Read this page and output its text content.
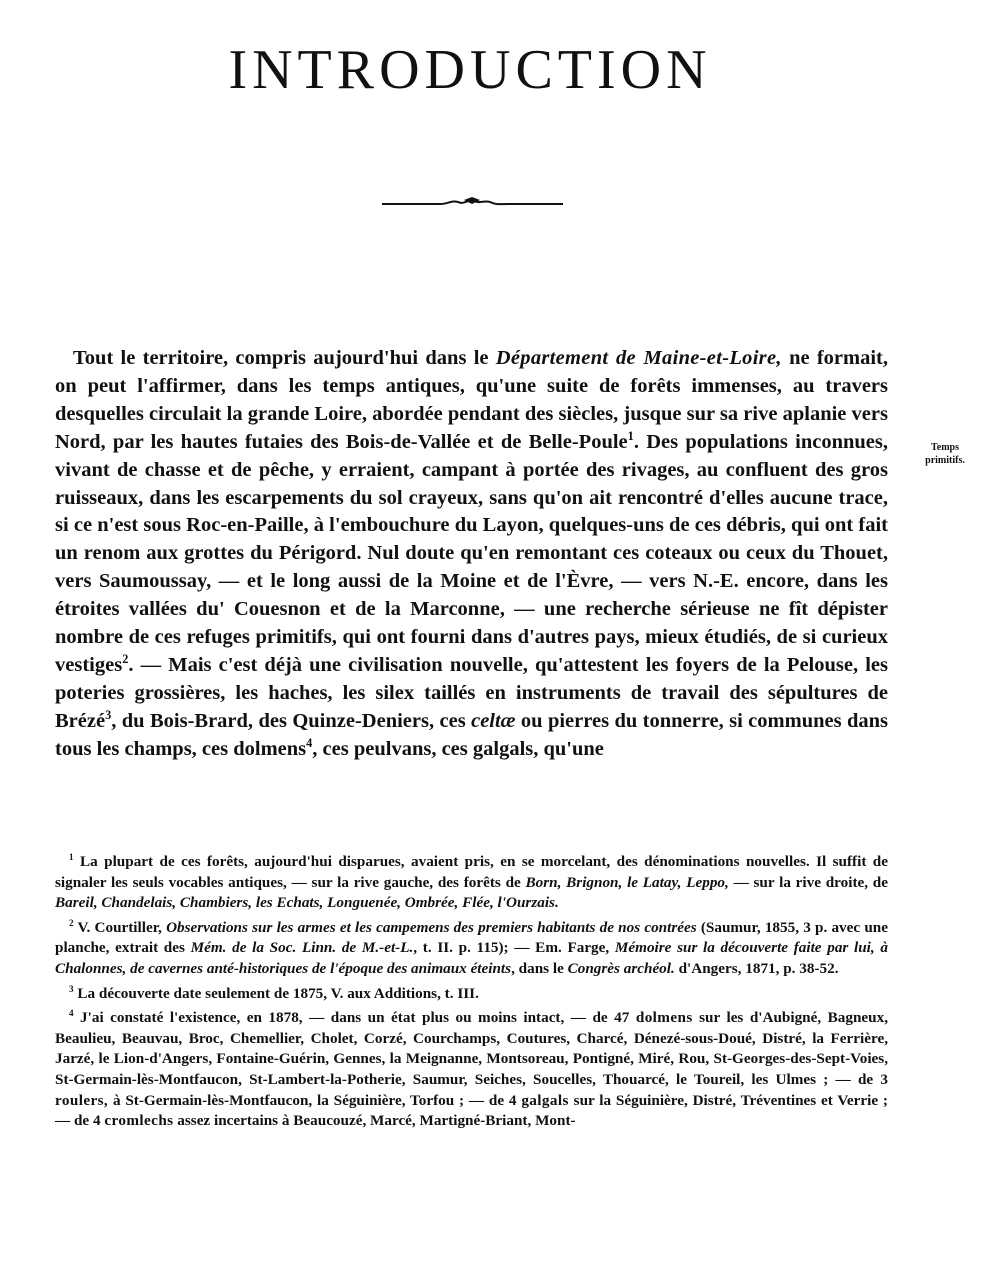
INTRODUCTION

Tout le territoire, compris aujourd'hui dans le Département de Maine-et-Loire, ne formait, on peut l'affirmer, dans les temps antiques, qu'une suite de forêts immenses, au travers desquelles circulait la grande Loire, abordée pendant des siècles, jusque sur sa rive aplanie vers Nord, par les hautes futaies des Bois-de-Vallée et de Belle-Poule$^1$. Des populations inconnues, vivant de chasse et de pêche, y erraient, campant à portée des rivages, au confluent des gros ruisseaux, dans les escarpements du sol crayeux, sans qu'on ait rencontré d'elles aucune trace, si ce n'est sous Roc-en-Paille, à l'embouchure du Layon, quelques-uns de ces débris, qui ont fait un renom aux grottes du Périgord. Nul doute qu'en remontant ces coteaux ou ceux du Thouet, vers Saumoussay, — et le long aussi de la Moine et de l'Èvre, — vers N.-E. encore, dans les étroites vallées du' Couesnon et de la Marconne, — une recherche sérieuse ne fît dépister nombre de ces refuges primitifs, qui ont fourni dans d'autres pays, mieux étudiés, de si curieux vestiges$^2$. — Mais c'est déjà une civilisation nouvelle, qu'attestent les foyers de la Pelouse, les poteries grossières, les haches, les silex taillés en instruments de travail des sépultures de Brézé$^3$, du Bois-Brard, des Quinze-Deniers, ces celtæ ou pierres du tonnerre, si communes dans tous les champs, ces dolmens$^4$, ces peulvans, ces galgals, qu'une

Temps
primitifs.

$^1$ La plupart de ces forêts, aujourd'hui disparues, avaient pris, en se morcelant, des dénominations nouvelles. Il suffit de signaler les seuls vocables antiques, — sur la rive gauche, des forêts de Born, Brignon, le Latay, Leppo, — sur la rive droite, de Bareil, Chandelais, Chambiers, les Echats, Longuenée, Ombrée, Flée, l'Ourzais.

$^2$ V. Courtiller, Observations sur les armes et les campemens des premiers habitants de nos contrées (Saumur, 1855, 3 p. avec une planche, extrait des Mém. de la Soc. Linn. de M.-et-L., t. II. p. 115); — Em. Farge, Mémoire sur la découverte faite par lui, à Chalonnes, de cavernes anté-historiques de l'époque des animaux éteints, dans le Congrès archéol. d'Angers, 1871, p. 38-52.

$^3$ La découverte date seulement de 1875, V. aux Additions, t. III.

$^4$ J'ai constaté l'existence, en 1878, — dans un état plus ou moins intact, — de 47 dolmens sur les d'Aubigné, Bagneux, Beaulieu, Beauvau, Broc, Chemellier, Cholet, Corzé, Courchamps, Coutures, Charcé, Dénezé-sous-Doué, Distré, la Ferrière, Jarzé, le Lion-d'Angers, Fontaine-Guérin, Gennes, la Meignanne, Montsoreau, Pontigné, Miré, Rou, St-Georges-des-Sept-Voies, St-Germain-lès-Montfaucon, St-Lambert-la-Potherie, Saumur, Seiches, Soucelles, Thouarcé, le Toureil, les Ulmes ; — de 3 roulers, à St-Germain-lès-Montfaucon, la Séguinière, Torfou ; — de 4 galgals sur la Séguinière, Distré, Tréventines et Verrie ; — de 4 cromlechs assez incertains à Beaucouzé, Marcé, Martigné-Briant, Mont-
